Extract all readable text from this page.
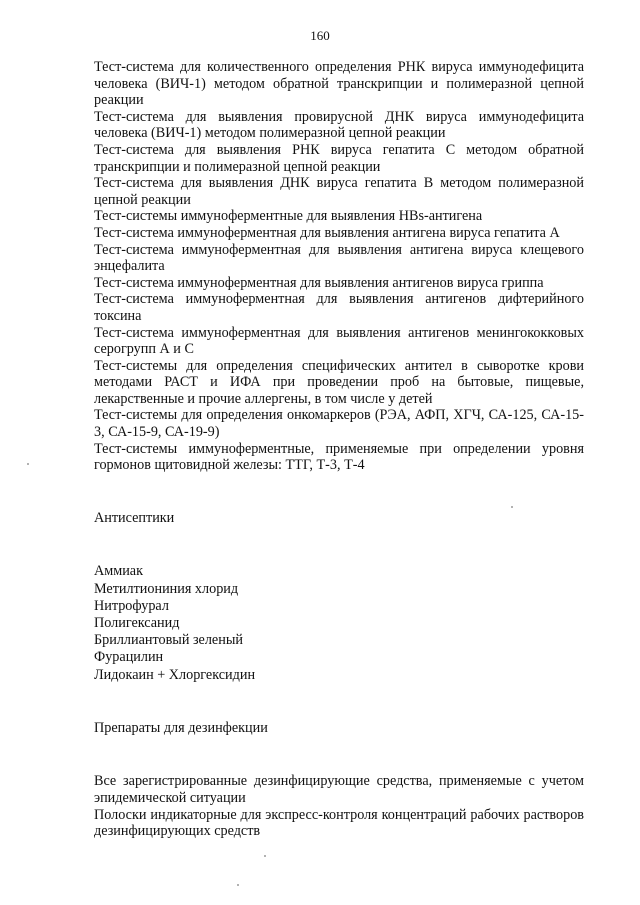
160

Тест-система для количественного определения РНК вируса иммунодефицита человека (ВИЧ-1) методом обратной транскрипции и полимеразной цепной реакции

Тест-система для выявления провирусной ДНК вируса иммунодефицита человека (ВИЧ-1) методом полимеразной цепной реакции

Тест-система для выявления РНК вируса гепатита С методом обратной транскрипции и полимеразной цепной реакции

Тест-система для выявления ДНК вируса гепатита В методом полимеразной цепной реакции

Тест-системы иммуноферментные для выявления HBs-антигена

Тест-система иммуноферментная для выявления антигена вируса гепатита А

Тест-система иммуноферментная для выявления антигена вируса клещевого энцефалита

Тест-система иммуноферментная для выявления антигенов вируса гриппа

Тест-система иммуноферментная для выявления антигенов дифтерийного токсина

Тест-система иммуноферментная для выявления антигенов менингококковых серогрупп А и С

Тест-системы для определения специфических антител в сыворотке крови методами РАСТ и ИФА при проведении проб на бытовые, пищевые, лекарственные и прочие аллергены, в том числе у детей

Тест-системы для определения онкомаркеров (РЭА, АФП, ХГЧ, СА-125, СА-15-3, СА-15-9, СА-19-9)

Тест-системы иммуноферментные, применяемые при определении уровня гормонов щитовидной железы: ТТГ, Т-3, Т-4

Антисептики

Аммиак

Метилтиониния хлорид

Нитрофурал

Полигексанид

Бриллиантовый зеленый

Фурацилин

Лидокаин + Хлоргексидин

Препараты для дезинфекции

Все зарегистрированные дезинфицирующие средства, применяемые с учетом эпидемической ситуации

Полоски индикаторные для экспресс-контроля концентраций рабочих растворов дезинфицирующих средств
